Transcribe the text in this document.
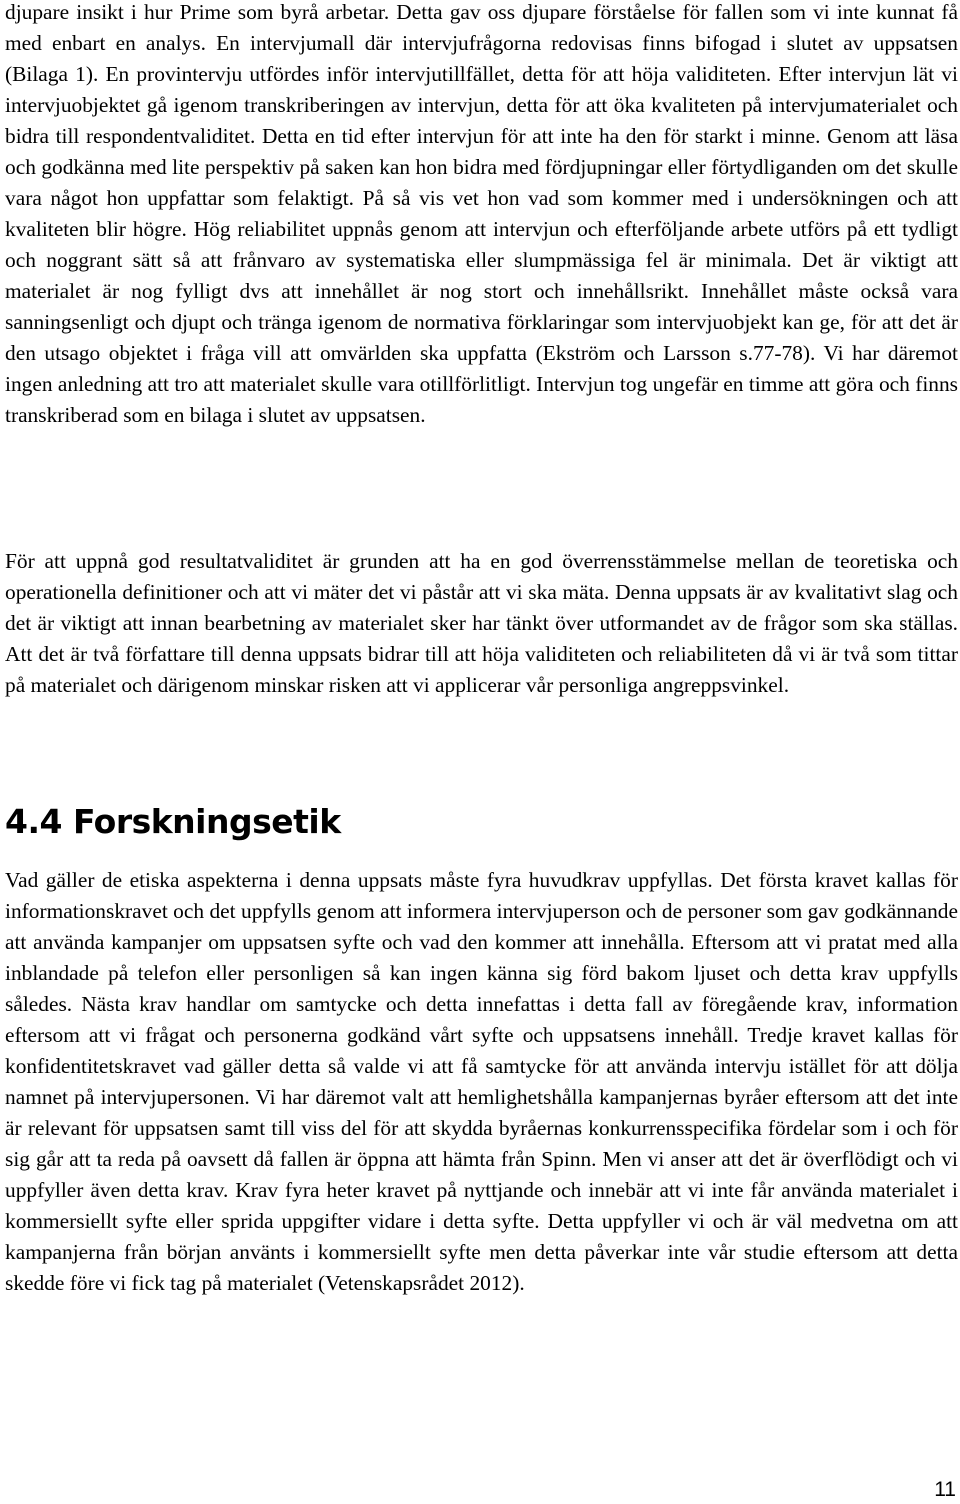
djupare insikt i hur Prime som byrå arbetar. Detta gav oss djupare förståelse för fallen som vi inte kunnat få med enbart en analys. En intervjumall där intervjufrågorna redovisas finns bifogad i slutet av uppsatsen (Bilaga 1). En provintervju utfördes inför intervjutillfället, detta för att höja validiteten. Efter intervjun lät vi intervjuobjektet gå igenom transkriberingen av intervjun, detta för att öka kvaliteten på intervjumaterialet och bidra till respondentvaliditet. Detta en tid efter intervjun för att inte ha den för starkt i minne. Genom att läsa och godkänna med lite perspektiv på saken kan hon bidra med fördjupningar eller förtydliganden om det skulle vara något hon uppfattar som felaktigt. På så vis vet hon vad som kommer med i undersökningen och att kvaliteten blir högre. Hög reliabilitet uppnås genom att intervjun och efterföljande arbete utförs på ett tydligt och noggrant sätt så att frånvaro av systematiska eller slumpmässiga fel är minimala. Det är viktigt att materialet är nog fylligt dvs att innehållet är nog stort och innehållsrikt. Innehållet måste också vara sanningsenligt och djupt och tränga igenom de normativa förklaringar som intervjuobjekt kan ge, för att det är den utsago objektet i fråga vill att omvärlden ska uppfatta (Ekström och Larsson s.77-78). Vi har däremot ingen anledning att tro att materialet skulle vara otillförlitligt. Intervjun tog ungefär en timme att göra och finns transkriberad som en bilaga i slutet av uppsatsen.

För att uppnå god resultatvaliditet är grunden att ha en god överrensstämmelse mellan de teoretiska och operationella definitioner och att vi mäter det vi påstår att vi ska mäta. Denna uppsats är av kvalitativt slag och det är viktigt att innan bearbetning av materialet sker har tänkt över utformandet av de frågor som ska ställas. Att det är två författare till denna uppsats bidrar till att höja validiteten och reliabiliteten då vi är två som tittar på materialet och därigenom minskar risken att vi applicerar vår personliga angreppsvinkel.

4.4 Forskningsetik

Vad gäller de etiska aspekterna i denna uppsats måste fyra huvudkrav uppfyllas. Det första kravet kallas för informationskravet och det uppfylls genom att informera intervjuperson och de personer som gav godkännande att använda kampanjer om uppsatsen syfte och vad den kommer att innehålla. Eftersom att vi pratat med alla inblandade på telefon eller personligen så kan ingen känna sig förd bakom ljuset och detta krav uppfylls således. Nästa krav handlar om samtycke och detta innefattas i detta fall av föregående krav, information eftersom att vi frågat och personerna godkänd vårt syfte och uppsatsens innehåll. Tredje kravet kallas för konfidentitetskravet vad gäller detta så valde vi att få samtycke för att använda intervju istället för att dölja namnet på intervjupersonen. Vi har däremot valt att hemlighetshålla kampanjernas byråer eftersom att det inte är relevant för uppsatsen samt till viss del för att skydda byråernas konkurrensspecifika fördelar som i och för sig går att ta reda på oavsett då fallen är öppna att hämta från Spinn. Men vi anser att det är överflödigt och vi uppfyller även detta krav. Krav fyra heter kravet på nyttjande och innebär att vi inte får använda materialet i kommersiellt syfte eller sprida uppgifter vidare i detta syfte. Detta uppfyller vi och är väl medvetna om att kampanjerna från början använts i kommersiellt syfte men detta påverkar inte vår studie eftersom att detta skedde före vi fick tag på materialet (Vetenskapsrådet 2012).

11
